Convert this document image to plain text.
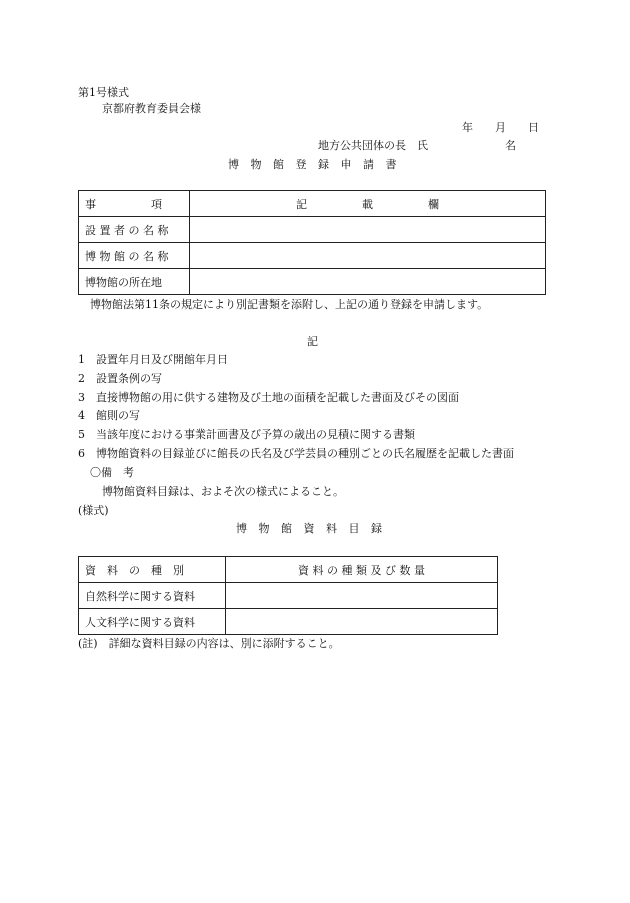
第1号様式
京都府教育委員会様
年　　月　　日
地方公共団体の長　氏　　　　　　　名
博 物 館 登 録 申 請 書
事　　　　　項	記　　　　　載　　　　　欄
設 置 者 の 名 称	
博 物 館 の 名 称	
博物館の所在地	
博物館法第11条の規定により別記書類を添附し、上記の通り登録を申請します。
記
1 設置年月日及び開館年月日
2 設置条例の写
3 直接博物館の用に供する建物及び土地の面積を記載した書面及びその図面
4 館則の写
5 当該年度における事業計画書及び予算の歳出の見積に関する書類
6 博物館資料の目録並びに館長の氏名及び学芸員の種別ごとの氏名履歴を記載した書面
〇備　考
博物館資料目録は、およそ次の様式によること。
(様式)
博 物 館 資 料 目 録
資　料　の　種　別	資 料 の 種 類 及 び 数 量
自然科学に関する資料	
人文科学に関する資料	
(註)　詳細な資料目録の内容は、別に添附すること。
